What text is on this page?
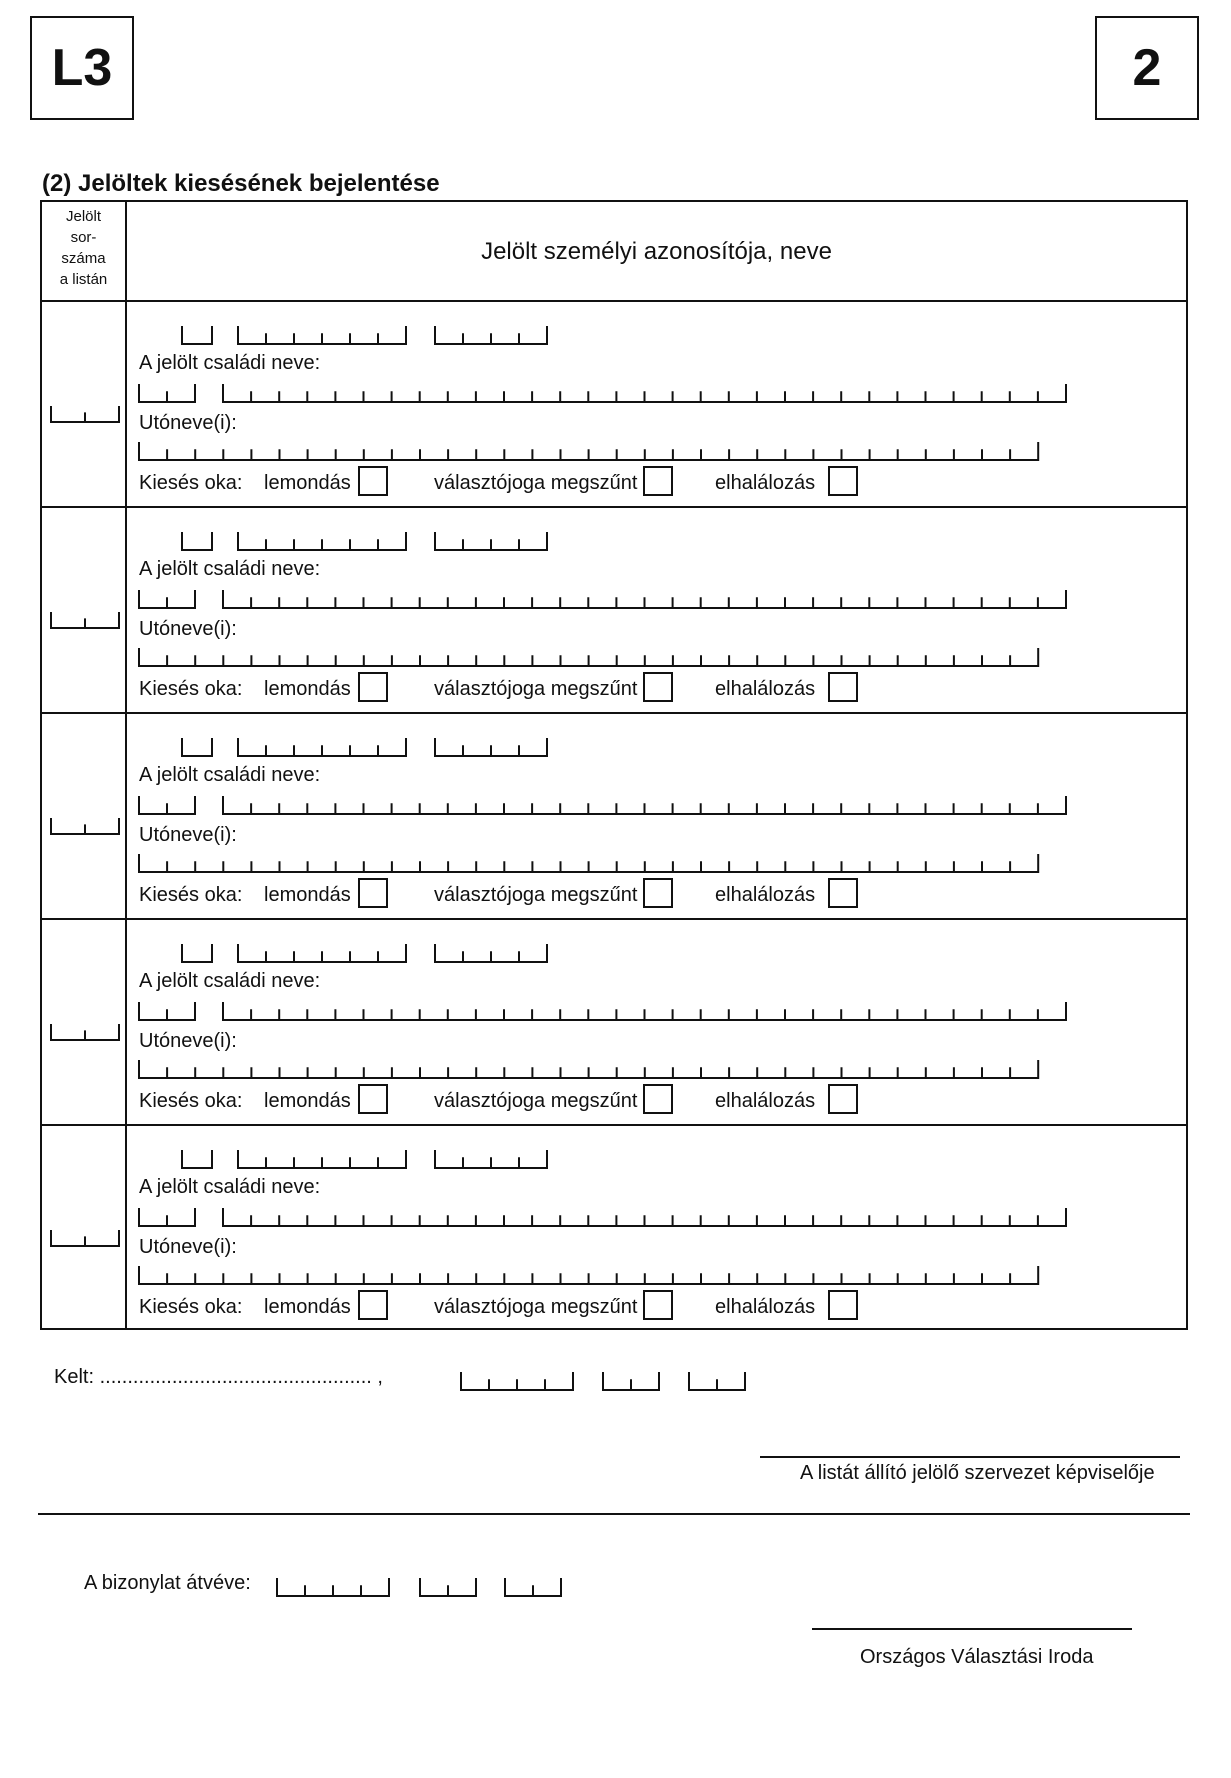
L3	2
(2) Jelöltek kiesésének bejelentése
Jelölt
sor-
száma
a listán
Jelölt személyi azonosítója, neve
A jelölt családi neve:
Utóneve(i):
Kiesés oka: lemondás	választójoga megszűnt	elhalálozás
A jelölt családi neve:
Utóneve(i):
Kiesés oka: lemondás	választójoga megszűnt	elhalálozás
A jelölt családi neve:
Utóneve(i):
Kiesés oka: lemondás	választójoga megszűnt	elhalálozás
A jelölt családi neve:
Utóneve(i):
Kiesés oka: lemondás	választójoga megszűnt	elhalálozás
A jelölt családi neve:
Utóneve(i):
Kiesés oka: lemondás	választójoga megszűnt	elhalálozás
Kelt: ................................................. ,
A listát állító jelölő szervezet képviselője
A bizonylat átvéve:
Országos Választási Iroda
